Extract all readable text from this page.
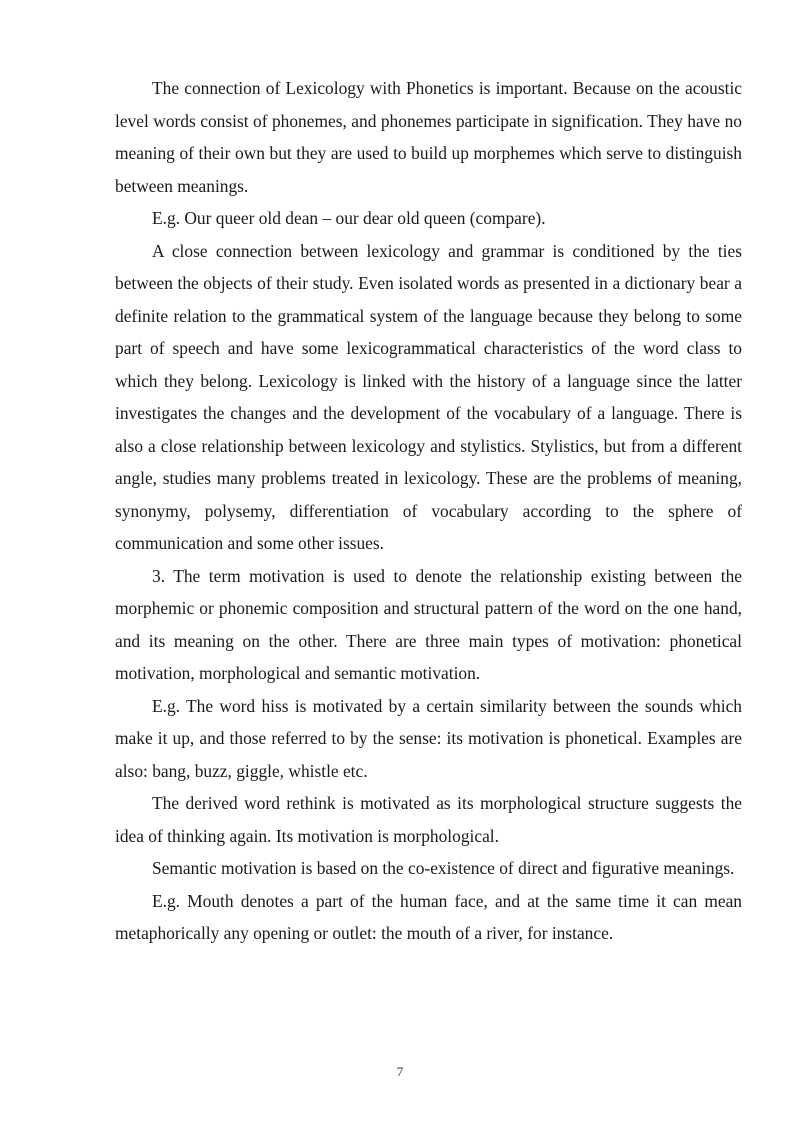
The connection of Lexicology with Phonetics is important. Because on the acoustic level words consist of phonemes, and phonemes participate in signification. They have no meaning of their own but they are used to build up morphemes which serve to distinguish between meanings.

E.g. Our queer old dean – our dear old queen (compare).

A close connection between lexicology and grammar is conditioned by the ties between the objects of their study. Even isolated words as presented in a dictionary bear a definite relation to the grammatical system of the language because they belong to some part of speech and have some lexicogrammatical characteristics of the word class to which they belong. Lexicology is linked with the history of a language since the latter investigates the changes and the development of the vocabulary of a language. There is also a close relationship between lexicology and stylistics. Stylistics, but from a different angle, studies many problems treated in lexicology. These are the problems of meaning, synonymy, polysemy, differentiation of vocabulary according to the sphere of communication and some other issues.

3. The term motivation is used to denote the relationship existing between the morphemic or phonemic composition and structural pattern of the word on the one hand, and its meaning on the other. There are three main types of motivation: phonetical motivation, morphological and semantic motivation.

E.g. The word hiss is motivated by a certain similarity between the sounds which make it up, and those referred to by the sense: its motivation is phonetical. Examples are also: bang, buzz, giggle, whistle etc.

The derived word rethink is motivated as its morphological structure suggests the idea of thinking again. Its motivation is morphological.

Semantic motivation is based on the co-existence of direct and figurative meanings.

E.g. Mouth denotes a part of the human face, and at the same time it can mean metaphorically any opening or outlet: the mouth of a river, for instance.

7
